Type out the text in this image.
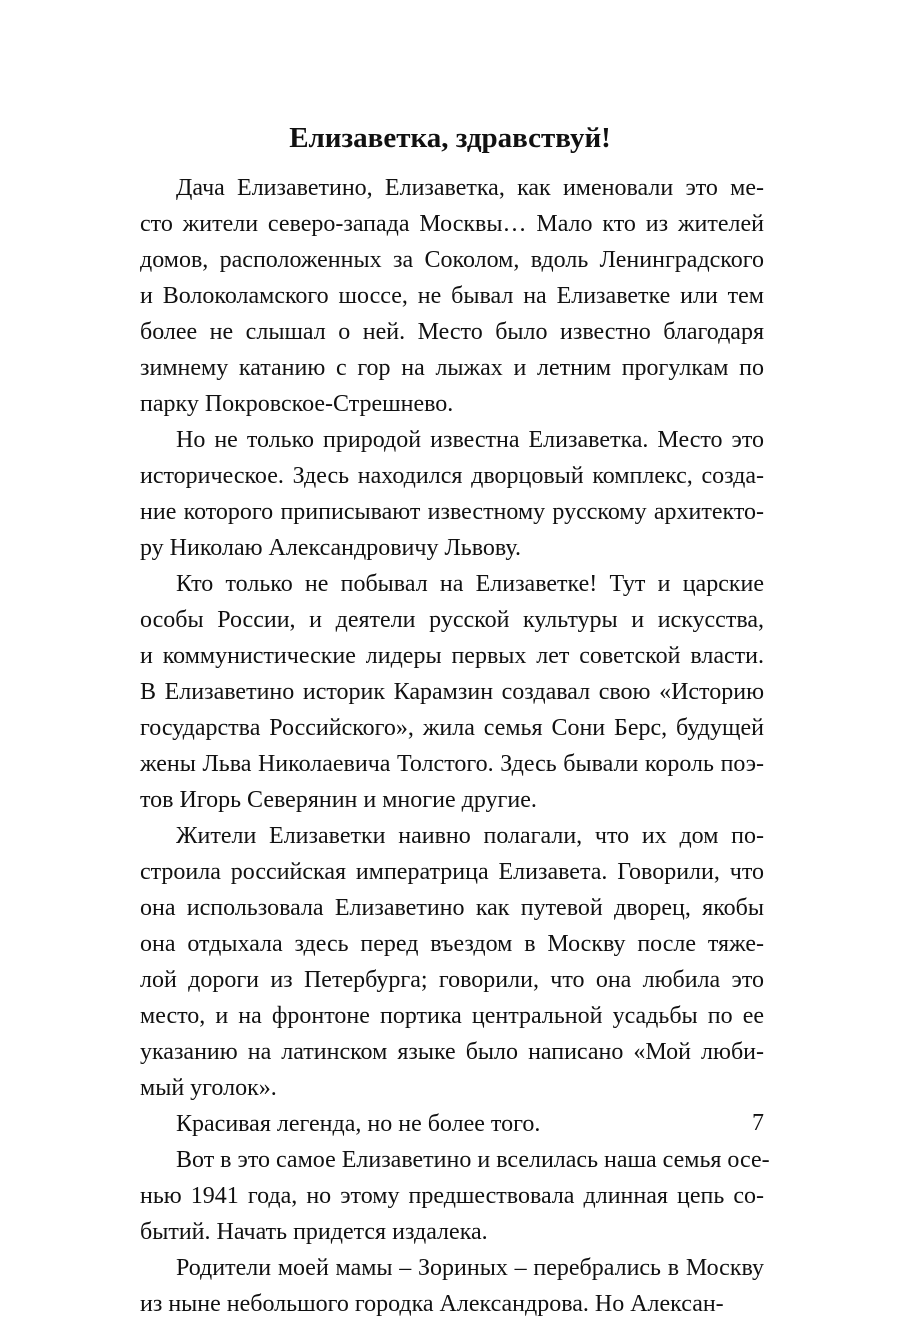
Елизаветка, здравствуй!
Дача Елизаветино, Елизаветка, как именовали это ме-
сто жители северо-запада Москвы… Мало кто из жителей
домов, расположенных за Соколом, вдоль Ленинградского
и Волоколамского шоссе, не бывал на Елизаветке или тем
более не слышал о ней. Место было известно благодаря
зимнему катанию с гор на лыжах и летним прогулкам по
парку Покровское-Стрешнево.
Но не только природой известна Елизаветка. Место это
историческое. Здесь находился дворцовый комплекс, созда-
ние которого приписывают известному русскому архитекто-
ру Николаю Александровичу Львову.
Кто только не побывал на Елизаветке! Тут и царские
особы России, и деятели русской культуры и искусства,
и коммунистические лидеры первых лет советской власти.
В Елизаветино историк Карамзин создавал свою «Историю
государства Российского», жила семья Сони Берс, будущей
жены Льва Николаевича Толстого. Здесь бывали король поэ-
тов Игорь Северянин и многие другие.
Жители Елизаветки наивно полагали, что их дом по-
строила российская императрица Елизавета. Говорили, что
она использовала Елизаветино как путевой дворец, якобы
она отдыхала здесь перед въездом в Москву после тяже-
лой дороги из Петербурга; говорили, что она любила это
место, и на фронтоне портика центральной усадьбы по ее
указанию на латинском языке было написано «Мой люби-
мый уголок».
Красивая легенда, но не более того.
Вот в это самое Елизаветино и вселилась наша семья осе-
нью 1941 года, но этому предшествовала длинная цепь со-
бытий. Начать придется издалека.
Родители моей мамы – Зориных – перебрались в Москву
из ныне небольшого городка Александрова. Но Алексан-
7
